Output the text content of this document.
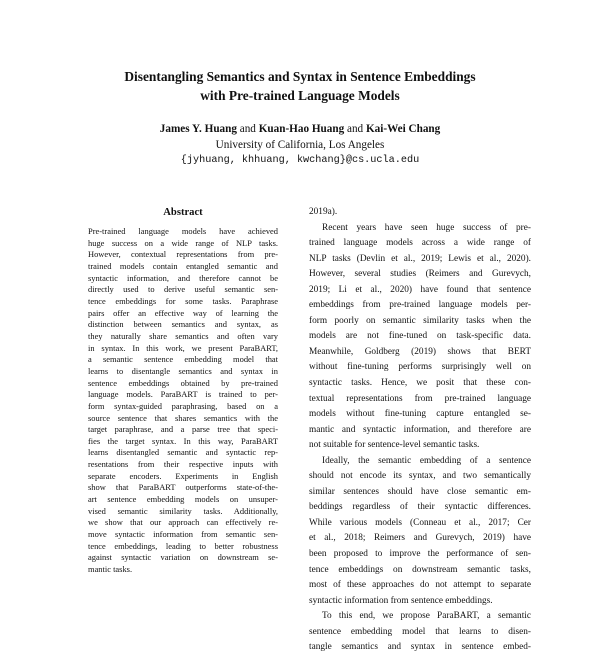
Disentangling Semantics and Syntax in Sentence Embeddings
with Pre-trained Language Models
James Y. Huang and Kuan-Hao Huang and Kai-Wei Chang
University of California, Los Angeles
{jyhuang, khhuang, kwchang}@cs.ucla.edu
Abstract
Pre-trained language models have achieved
huge success on a wide range of NLP tasks.
However, contextual representations from pre-
trained models contain entangled semantic and
syntactic information, and therefore cannot be
directly used to derive useful semantic sen-
tence embeddings for some tasks. Paraphrase
pairs offer an effective way of learning the
distinction between semantics and syntax, as
they naturally share semantics and often vary
in syntax. In this work, we present ParaBART,
a semantic sentence embedding model that
learns to disentangle semantics and syntax in
sentence embeddings obtained by pre-trained
language models. ParaBART is trained to per-
form syntax-guided paraphrasing, based on a
source sentence that shares semantics with the
target paraphrase, and a parse tree that speci-
fies the target syntax. In this way, ParaBART
learns disentangled semantic and syntactic rep-
resentations from their respective inputs with
separate encoders. Experiments in English
show that ParaBART outperforms state-of-the-
art sentence embedding models on unsuper-
vised semantic similarity tasks. Additionally,
we show that our approach can effectively re-
move syntactic information from semantic sen-
tence embeddings, leading to better robustness
against syntactic variation on downstream se-
mantic tasks.
2019a).
Recent years have seen huge success of pre-
trained language models across a wide range of
NLP tasks (Devlin et al., 2019; Lewis et al., 2020).
However, several studies (Reimers and Gurevych,
2019; Li et al., 2020) have found that sentence
embeddings from pre-trained language models per-
form poorly on semantic similarity tasks when the
models are not fine-tuned on task-specific data.
Meanwhile, Goldberg (2019) shows that BERT
without fine-tuning performs surprisingly well on
syntactic tasks. Hence, we posit that these con-
textual representations from pre-trained language
models without fine-tuning capture entangled se-
mantic and syntactic information, and therefore are
not suitable for sentence-level semantic tasks.
Ideally, the semantic embedding of a sentence
should not encode its syntax, and two semantically
similar sentences should have close semantic em-
beddings regardless of their syntactic differences.
While various models (Conneau et al., 2017; Cer
et al., 2018; Reimers and Gurevych, 2019) have
been proposed to improve the performance of sen-
tence embeddings on downstream semantic tasks,
most of these approaches do not attempt to separate
syntactic information from sentence embeddings.
To this end, we propose ParaBART, a semantic
sentence embedding model that learns to disen-
tangle semantics and syntax in sentence embed-
